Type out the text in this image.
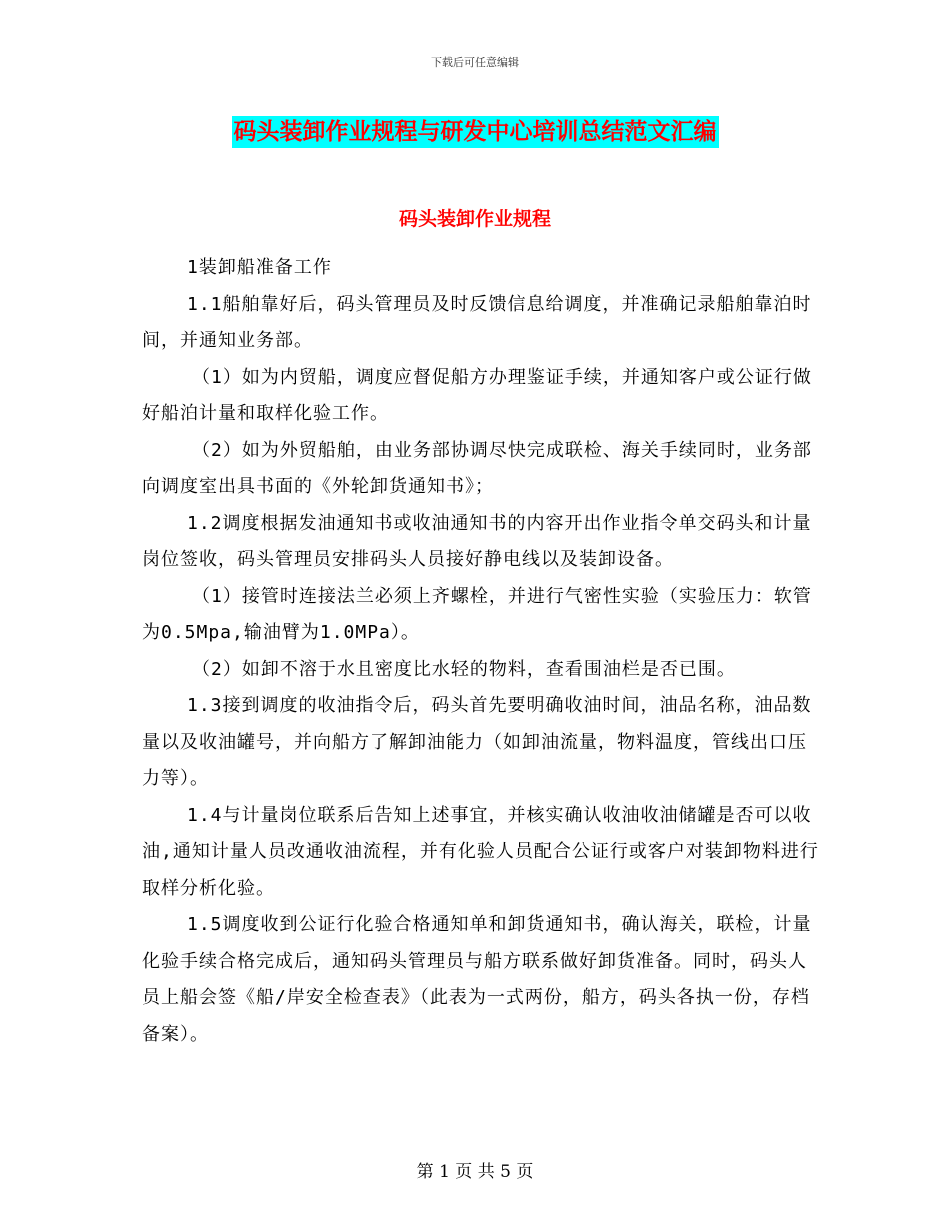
下载后可任意编辑
码头装卸作业规程与研发中心培训总结范文汇编
码头装卸作业规程

1装卸船准备工作

1.1船舶靠好后，码头管理员及时反馈信息给调度，并准确记录船舶靠泊时间，并通知业务部。

（1）如为内贸船，调度应督促船方办理鉴证手续，并通知客户或公证行做好船泊计量和取样化验工作。

（2）如为外贸船舶，由业务部协调尽快完成联检、海关手续同时，业务部向调度室出具书面的《外轮卸货通知书》；

1.2调度根据发油通知书或收油通知书的内容开出作业指令单交码头和计量岗位签收，码头管理员安排码头人员接好静电线以及装卸设备。

（1）接管时连接法兰必须上齐螺栓，并进行气密性实验（实验压力：软管为0.5Mpa,输油臂为1.0MPa）。

（2）如卸不溶于水且密度比水轻的物料，查看围油栏是否已围。

1.3接到调度的收油指令后，码头首先要明确收油时间，油品名称，油品数量以及收油罐号，并向船方了解卸油能力（如卸油流量，物料温度，管线出口压力等）。

1.4与计量岗位联系后告知上述事宜，并核实确认收油收油储罐是否可以收油,通知计量人员改通收油流程，并有化验人员配合公证行或客户对装卸物料进行取样分析化验。

1.5调度收到公证行化验合格通知单和卸货通知书，确认海关，联检，计量化验手续合格完成后，通知码头管理员与船方联系做好卸货准备。同时，码头人员上船会签《船/岸安全检查表》（此表为一式两份，船方，码头各执一份，存档备案）。

第 1 页 共 5 页
